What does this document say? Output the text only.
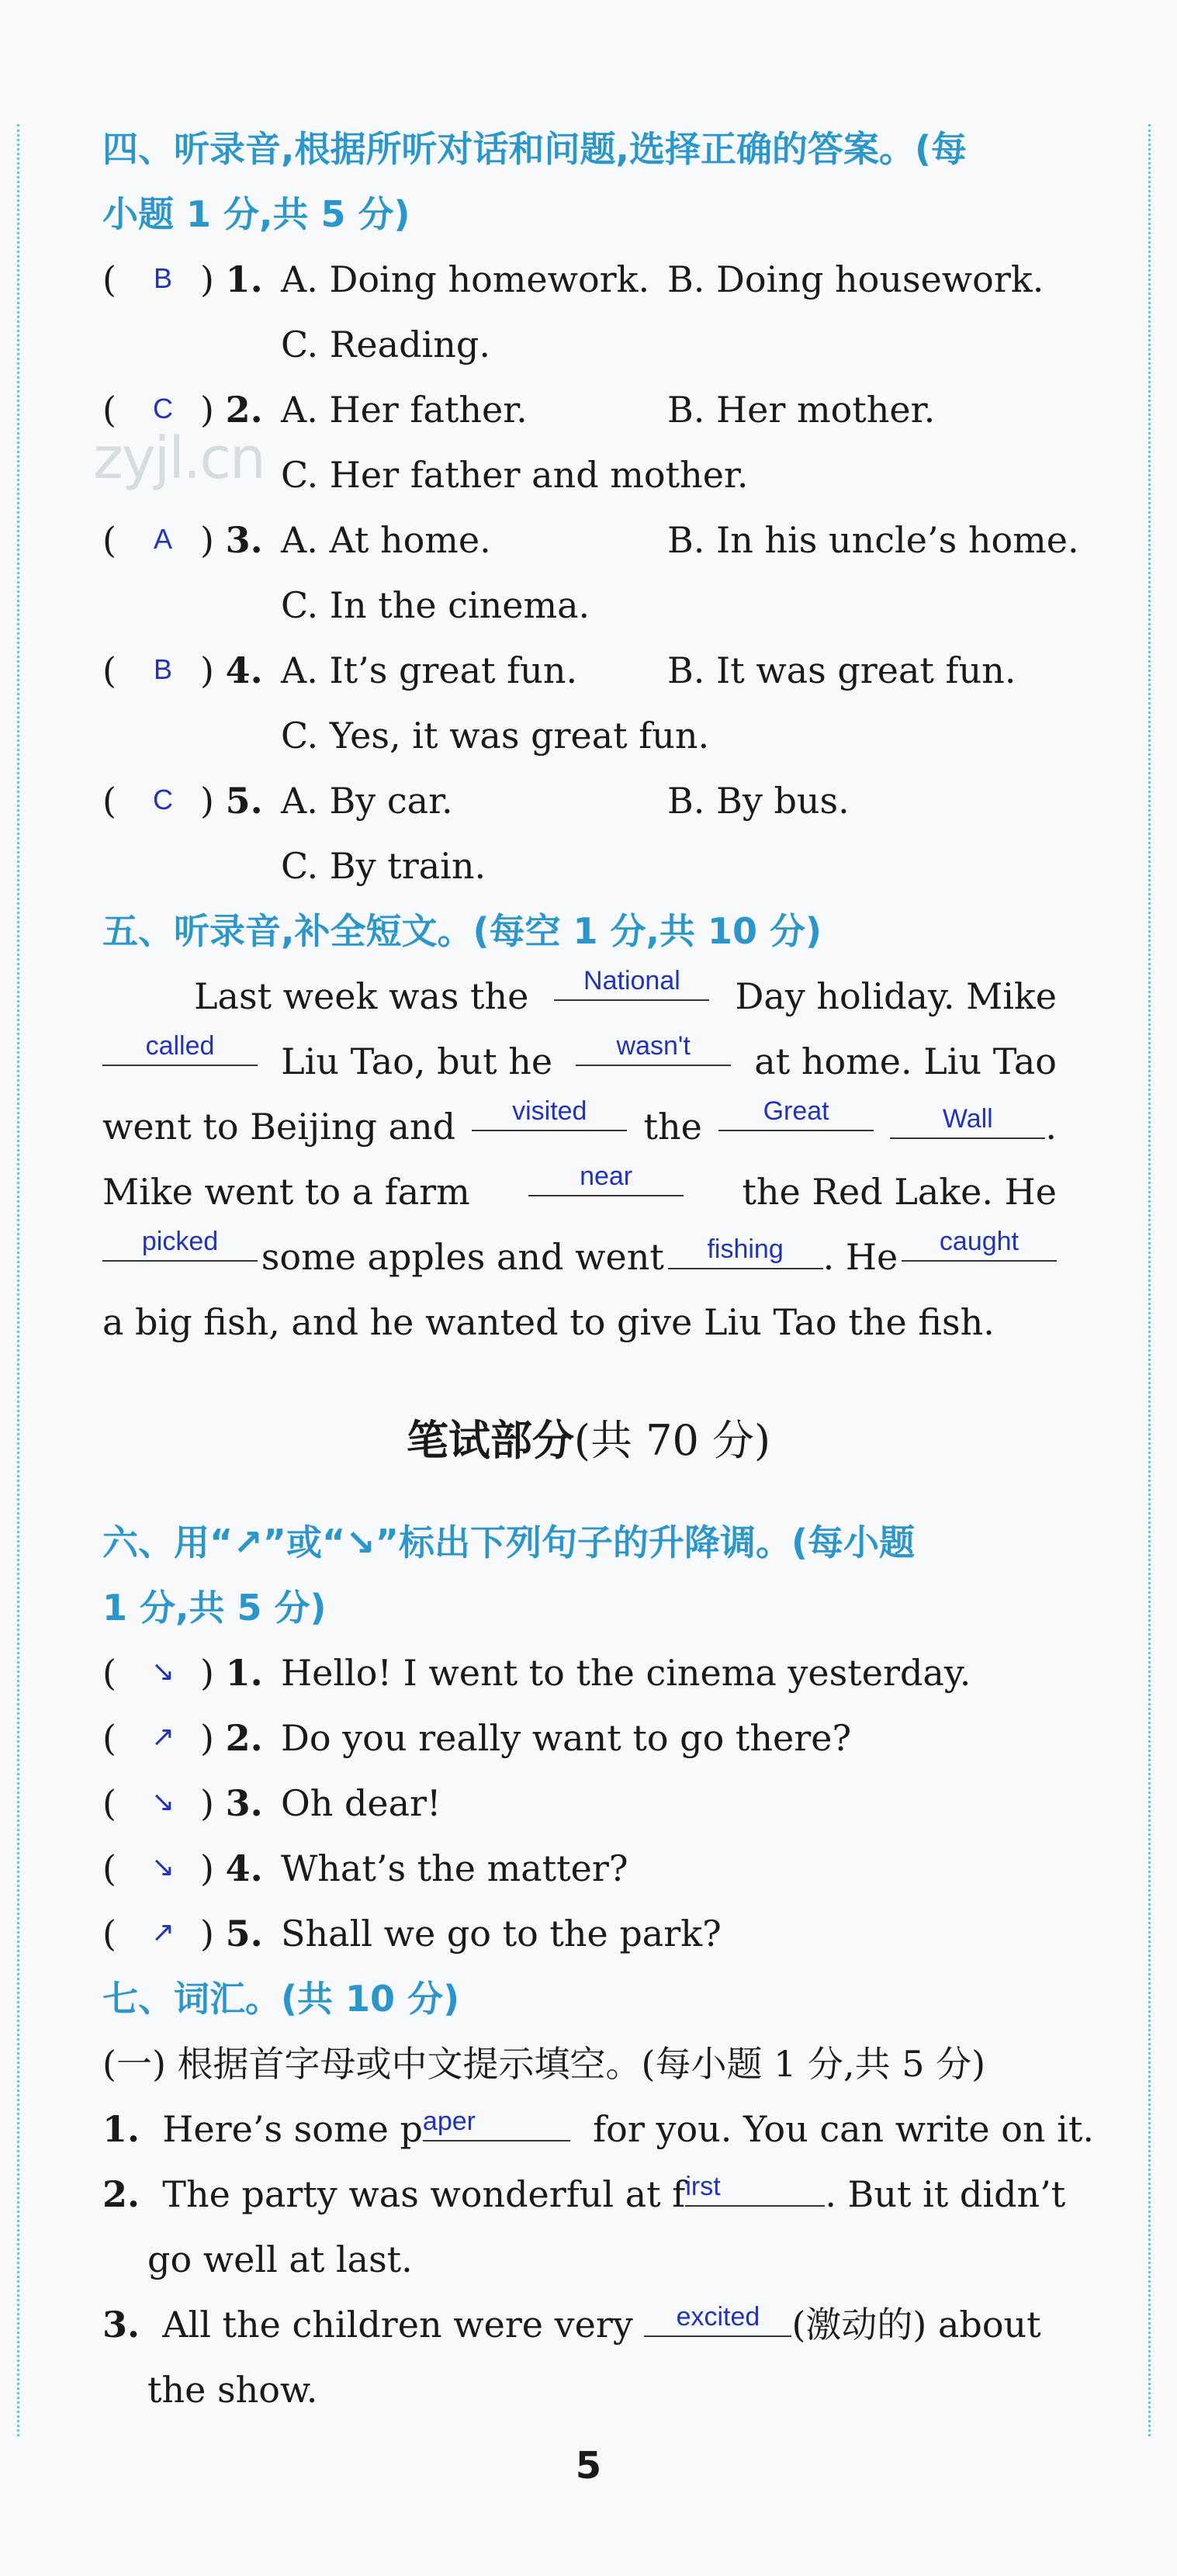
zyjl.cn
四、听录音,根据所听对话和问题,选择正确的答案。(每
小题 1 分,共 5 分)
(	B ) 1. A. Doing homework. B. Doing housework.
C. Reading.
(	C ) 2. A. Her father.	B. Her mother.
C. Her father and mother.
(	A ) 3. A. At home.	B. In his uncle’s home.
C. In the cinema.
(	B ) 4. A. It’s great fun.	B. It was great fun.
C. Yes, it was great fun.
(	C ) 5. A. By car.	B. By bus.
C. By train.
五、听录音,补全短文。(每空 1 分,共 10 分)
Last week was the	National	Day holiday. Mike
called	Liu Tao, but he	wasn't	at home. Liu Tao
went to Beijing and	visited	the	Great	Wall	.
Mike went to a farm	near	the Red Lake. He
picked	some apples and went	fishing	. He	caught
a big fish, and he wanted to give Liu Tao the fish.
笔试部分(共 70 分)
六、用“↗”或“↘”标出下列句子的升降调。(每小题
1 分,共 5 分)
(	↘ ) 1. Hello! I went to the cinema yesterday.
(	↗ ) 2. Do you really want to go there?
(	↘ ) 3. Oh dear!
(	↘ ) 4. What’s the matter?
(	↗ ) 5. Shall we go to the park?
七、词汇。(共 10 分)
(一) 根据首字母或中文提示填空。(每小题 1 分,共 5 分)
1. Here’s some p aper	for you. You can write on it.
2. The party was wonderful at f irst	. But it didn’t
go well at last.
3. All the children were very	excited (激动的) about
the show.
5
